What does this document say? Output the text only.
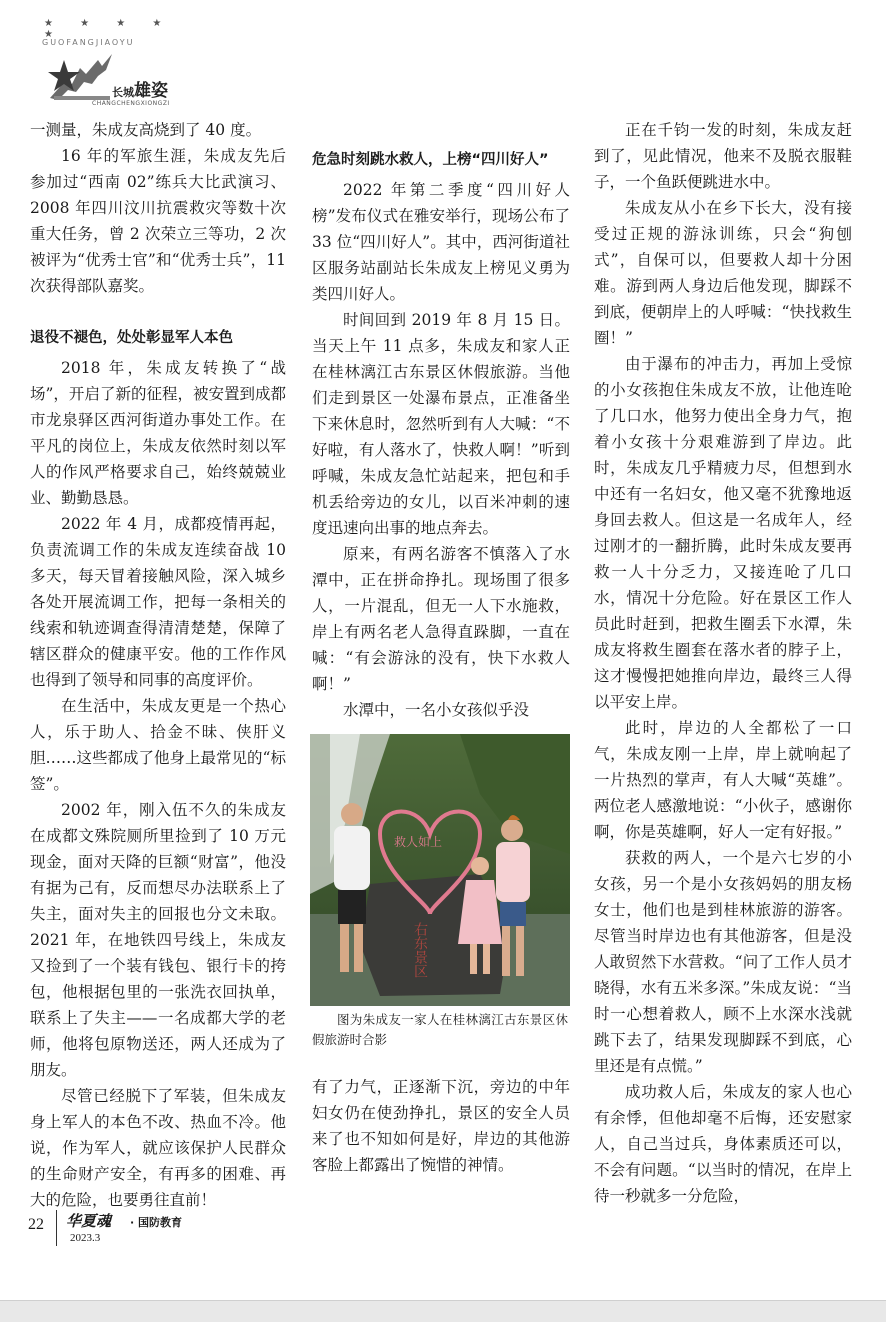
★ ★ ★ ★ ★
GUOFANGJIAOYU
长城雄姿
CHANGCHENGXIONGZI

一测量，朱成友高烧到了 40 度。

16 年的军旅生涯，朱成友先后参加过“西南 02”练兵大比武演习、2008 年四川汶川抗震救灾等数十次重大任务，曾 2 次荣立三等功，2 次被评为“优秀士官”和“优秀士兵”，11 次获得部队嘉奖。

退役不褪色，处处彰显军人本色

2018 年，朱成友转换了“战场”，开启了新的征程，被安置到成都市龙泉驿区西河街道办事处工作。在平凡的岗位上，朱成友依然时刻以军人的作风严格要求自己，始终兢兢业业、勤勤恳恳。

2022 年 4 月，成都疫情再起，负责流调工作的朱成友连续奋战 10 多天，每天冒着接触风险，深入城乡各处开展流调工作，把每一条相关的线索和轨迹调查得清清楚楚，保障了辖区群众的健康平安。他的工作作风也得到了领导和同事的高度评价。

在生活中，朱成友更是一个热心人，乐于助人、拾金不昧、侠肝义胆……这些都成了他身上最常见的“标签”。

2002 年，刚入伍不久的朱成友在成都文殊院厕所里捡到了 10 万元现金，面对天降的巨额“财富”，他没有据为己有，反而想尽办法联系上了失主，面对失主的回报也分文未取。2021 年，在地铁四号线上，朱成友又捡到了一个装有钱包、银行卡的挎包，他根据包里的一张洗衣回执单，联系上了失主——一名成都大学的老师，他将包原物送还，两人还成为了朋友。

尽管已经脱下了军装，但朱成友身上军人的本色不改、热血不冷。他说，作为军人，就应该保护人民群众的生命财产安全，有再多的困难、再大的危险，也要勇往直前！

危急时刻跳水救人，上榜“四川好人”

2022 年第二季度“四川好人榜”发布仪式在雅安举行，现场公布了 33 位“四川好人”。其中，西河街道社区服务站副站长朱成友上榜见义勇为类四川好人。

时间回到 2019 年 8 月 15 日。当天上午 11 点多，朱成友和家人正在桂林漓江古东景区休假旅游。当他们走到景区一处瀑布景点，正准备坐下来休息时，忽然听到有人大喊：“不好啦，有人落水了，快救人啊！”听到呼喊，朱成友急忙站起来，把包和手机丢给旁边的女儿，以百米冲刺的速度迅速向出事的地点奔去。

原来，有两名游客不慎落入了水潭中，正在拼命挣扎。现场围了很多人，一片混乱，但无一人下水施救，岸上有两名老人急得直跺脚，一直在喊：“有会游泳的没有，快下水救人啊！”

水潭中，一名小女孩似乎没

救人如上
右东景区

图为朱成友一家人在桂林漓江古东景区休假旅游时合影

有了力气，正逐渐下沉，旁边的中年妇女仍在使劲挣扎，景区的安全人员来了也不知如何是好，岸边的其他游客脸上都露出了惋惜的神情。

正在千钧一发的时刻，朱成友赶到了，见此情况，他来不及脱衣服鞋子，一个鱼跃便跳进水中。

朱成友从小在乡下长大，没有接受过正规的游泳训练，只会“狗刨式”，自保可以，但要救人却十分困难。游到两人身边后他发现，脚踩不到底，便朝岸上的人呼喊：“快找救生圈！”

由于瀑布的冲击力，再加上受惊的小女孩抱住朱成友不放，让他连呛了几口水，他努力使出全身力气，抱着小女孩十分艰难游到了岸边。此时，朱成友几乎精疲力尽，但想到水中还有一名妇女，他又毫不犹豫地返身回去救人。但这是一名成年人，经过刚才的一翻折腾，此时朱成友要再救一人十分乏力，又接连呛了几口水，情况十分危险。好在景区工作人员此时赶到，把救生圈丢下水潭，朱成友将救生圈套在落水者的脖子上，这才慢慢把她推向岸边，最终三人得以平安上岸。

此时，岸边的人全都松了一口气，朱成友刚一上岸，岸上就响起了一片热烈的掌声，有人大喊“英雄”。两位老人感激地说：“小伙子，感谢你啊，你是英雄啊，好人一定有好报。”

获救的两人，一个是六七岁的小女孩，另一个是小女孩妈妈的朋友杨女士，他们也是到桂林旅游的游客。尽管当时岸边也有其他游客，但是没人敢贸然下水营救。“问了工作人员才晓得，水有五米多深。”朱成友说：“当时一心想着救人，顾不上水深水浅就跳下去了，结果发现脚踩不到底，心里还是有点慌。”

成功救人后，朱成友的家人也心有余悸，但他却毫不后悔，还安慰家人，自己当过兵，身体素质还可以，不会有问题。“以当时的情况，在岸上待一秒就多一分危险，

22 华夏魂 · 国防教育
2023.3
